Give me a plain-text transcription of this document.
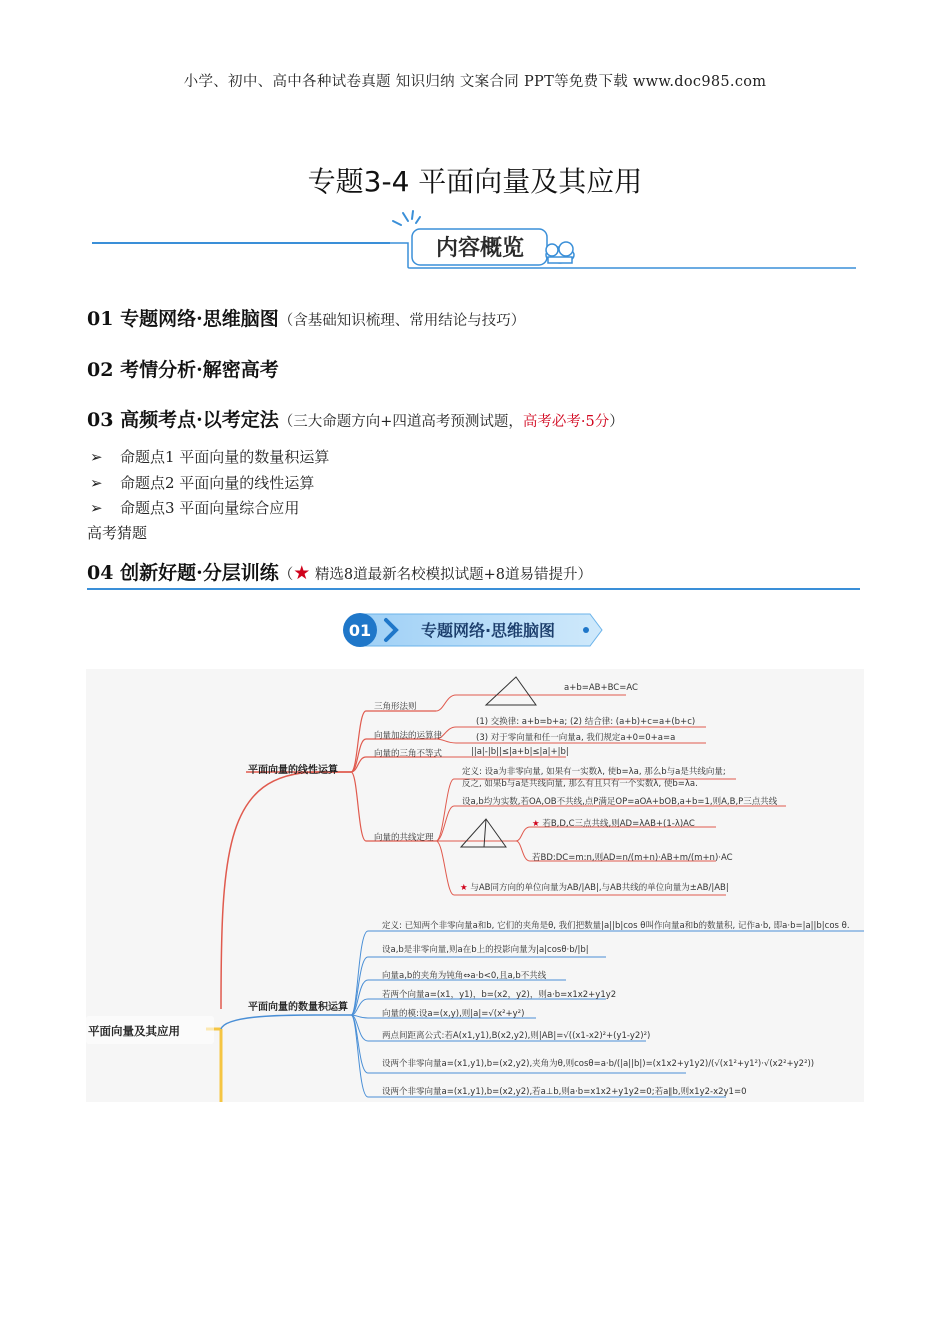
小学、初中、高中各种试卷真题 知识归纳 文案合同 PPT等免费下载 www.doc985.com
专题3-4 平面向量及其应用
内容概览
01 专题网络·思维脑图（含基础知识梳理、常用结论与技巧）
02 考情分析·解密高考
03 高频考点·以考定法（三大命题方向+四道高考预测试题，高考必考·5分）
➢ 命题点1 平面向量的数量积运算
➢ 命题点2 平面向量的线性运算
➢ 命题点3 平面向量综合应用
高考猜题
04 创新好题·分层训练（★ 精选8道最新名校模拟试题+8道易错提升）
01	专题网络·思维脑图
平面向量及其应用
平面向量的线性运算
平面向量的数量积运算
三角形法则
a+b=AB+BC=AC
向量加法的运算律
(1) 交换律: a+b=b+a; (2) 结合律: (a+b)+c=a+(b+c)
(3) 对于零向量和任一向量a, 我们规定a+0=0+a=a
向量的三角不等式	||a|-|b||≤|a+b|≤|a|+|b|
向量的共线定理
定义: 设a为非零向量, 如果有一实数λ, 使b=λa, 那么b与a是共线向量;
反之, 如果b与a是共线向量, 那么有且只有一个实数λ, 使b=λa.
设a,b均为实数,若OA,OB不共线,点P满足OP=aOA+bOB,a+b=1,则A,B,P三点共线
★ 若B,D,C三点共线,则AD=λAB+(1-λ)AC
若BD:DC=m:n,则AD=n/(m+n)·AB+m/(m+n)·AC
★ 与AB同方向的单位向量为AB/|AB|,与AB共线的单位向量为±AB/|AB|
定义: 已知两个非零向量a和b, 它们的夹角是θ, 我们把数量|a||b|cos θ叫作向量a和b的数量积, 记作a·b, 即a·b=|a||b|cos θ.
设a,b是非零向量,则a在b上的投影向量为|a|cosθ·b/|b|
向量a,b的夹角为钝角⇔a·b<0,且a,b不共线
若两个向量a=(x1，y1)，b=(x2，y2)，则a·b=x1x2+y1y2
向量的模:设a=(x,y),则|a|=√(x²+y²)
两点间距离公式:若A(x1,y1),B(x2,y2),则|AB|=√((x1-x2)²+(y1-y2)²)
设两个非零向量a=(x1,y1),b=(x2,y2),夹角为θ,则cosθ=a·b/(|a||b|)=(x1x2+y1y2)/(√(x1²+y1²)·√(x2²+y2²))
设两个非零向量a=(x1,y1),b=(x2,y2),若a⊥b,则a·b=x1x2+y1y2=0;若a∥b,则x1y2-x2y1=0
